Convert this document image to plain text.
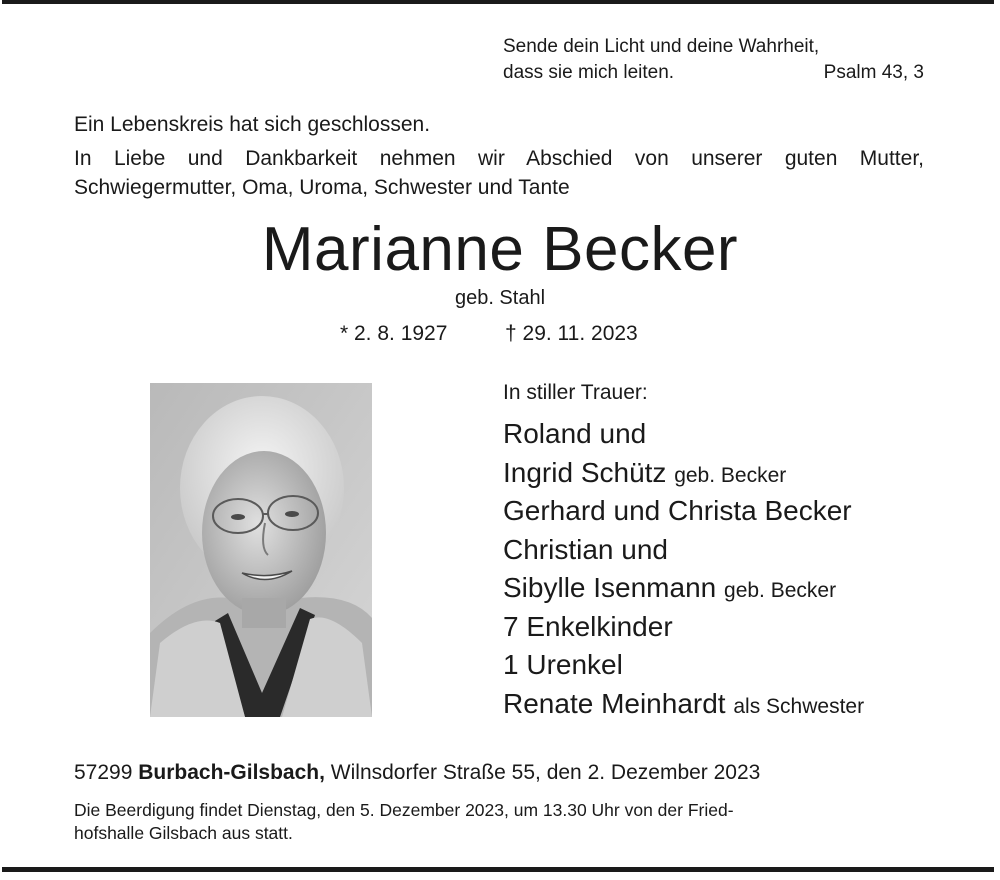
Sende dein Licht und deine Wahrheit,
dass sie mich leiten.	Psalm 43, 3
Ein Lebenskreis hat sich geschlossen.
In Liebe und Dankbarkeit nehmen wir Abschied von unserer guten Mutter,
Schwiegermutter, Oma, Uroma, Schwester und Tante
Marianne Becker
geb. Stahl
* 2. 8. 1927	† 29. 11. 2023
In stiller Trauer:
Roland und
Ingrid Schütz geb. Becker
Gerhard und Christa Becker
Christian und
Sibylle Isenmann geb. Becker
7 Enkelkinder
1 Urenkel
Renate Meinhardt als Schwester
57299 Burbach-Gilsbach, Wilnsdorfer Straße 55, den 2. Dezember 2023
Die Beerdigung findet Dienstag, den 5. Dezember 2023, um 13.30 Uhr von der Fried-
hofshalle Gilsbach aus statt.
